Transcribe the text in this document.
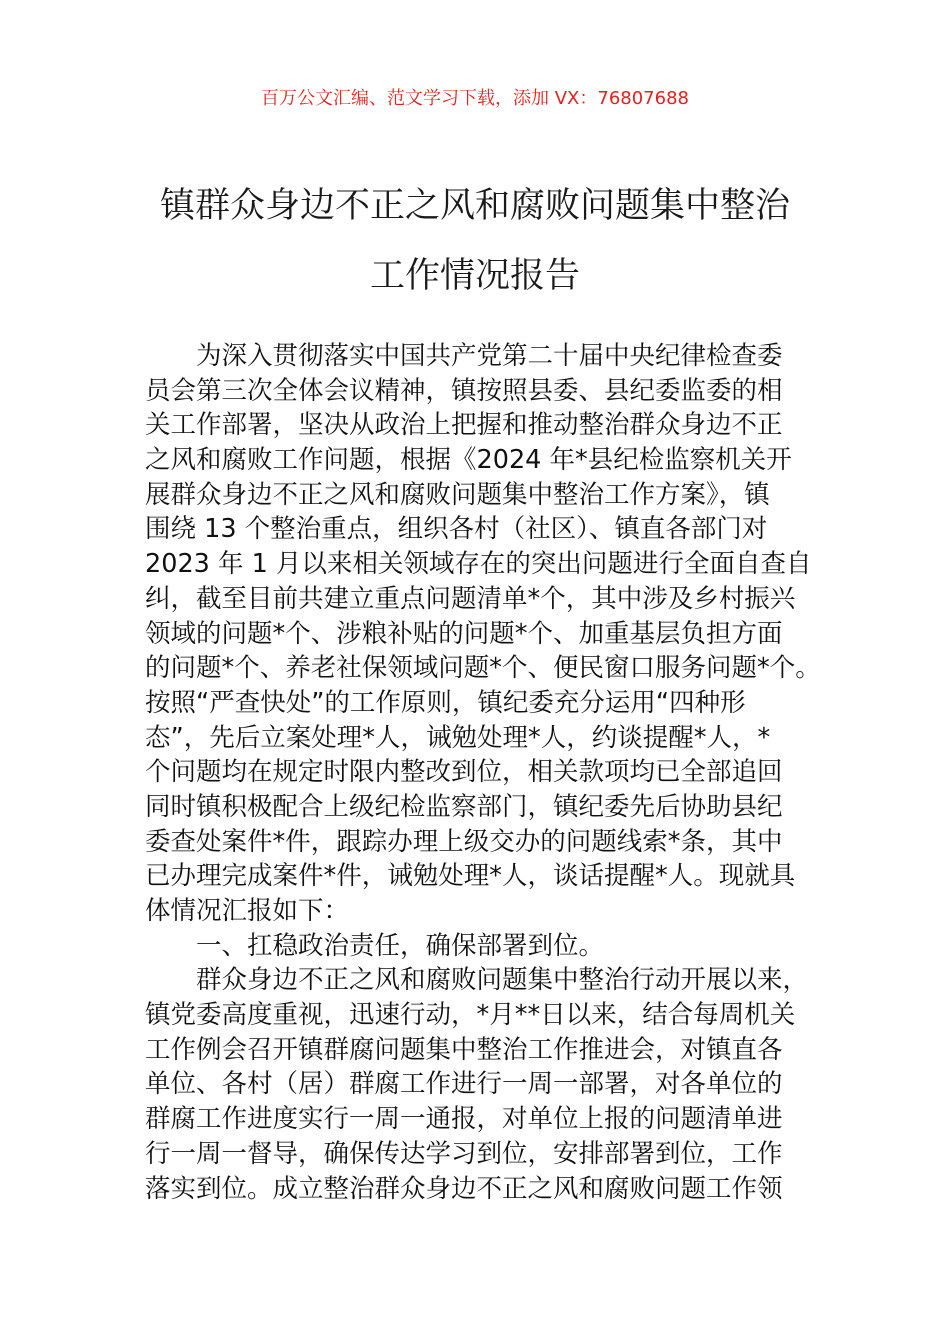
百万公文汇编、范文学习下载，添加 VX：76807688
镇群众身边不正之风和腐败问题集中整治
工作情况报告
为深入贯彻落实中国共产党第二十届中央纪律检查委
员会第三次全体会议精神，镇按照县委、县纪委监委的相
关工作部署，坚决从政治上把握和推动整治群众身边不正
之风和腐败工作问题，根据《2024 年*县纪检监察机关开
展群众身边不正之风和腐败问题集中整治工作方案》，镇
围绕 13 个整治重点，组织各村（社区）、镇直各部门对
2023 年 1 月以来相关领域存在的突出问题进行全面自查自
纠，截至目前共建立重点问题清单*个，其中涉及乡村振兴
领域的问题*个、涉粮补贴的问题*个、加重基层负担方面
的问题*个、养老社保领域问题*个、便民窗口服务问题*个。
按照“严查快处”的工作原则，镇纪委充分运用“四种形
态”，先后立案处理*人，诫勉处理*人，约谈提醒*人，*
个问题均在规定时限内整改到位，相关款项均已全部追回
同时镇积极配合上级纪检监察部门，镇纪委先后协助县纪
委查处案件*件，跟踪办理上级交办的问题线索*条，其中
已办理完成案件*件，诫勉处理*人，谈话提醒*人。现就具
体情况汇报如下：
一、扛稳政治责任，确保部署到位。
群众身边不正之风和腐败问题集中整治行动开展以来，
镇党委高度重视，迅速行动，*月**日以来，结合每周机关
工作例会召开镇群腐问题集中整治工作推进会，对镇直各
单位、各村（居）群腐工作进行一周一部署，对各单位的
群腐工作进度实行一周一通报，对单位上报的问题清单进
行一周一督导，确保传达学习到位，安排部署到位，工作
落实到位。成立整治群众身边不正之风和腐败问题工作领
